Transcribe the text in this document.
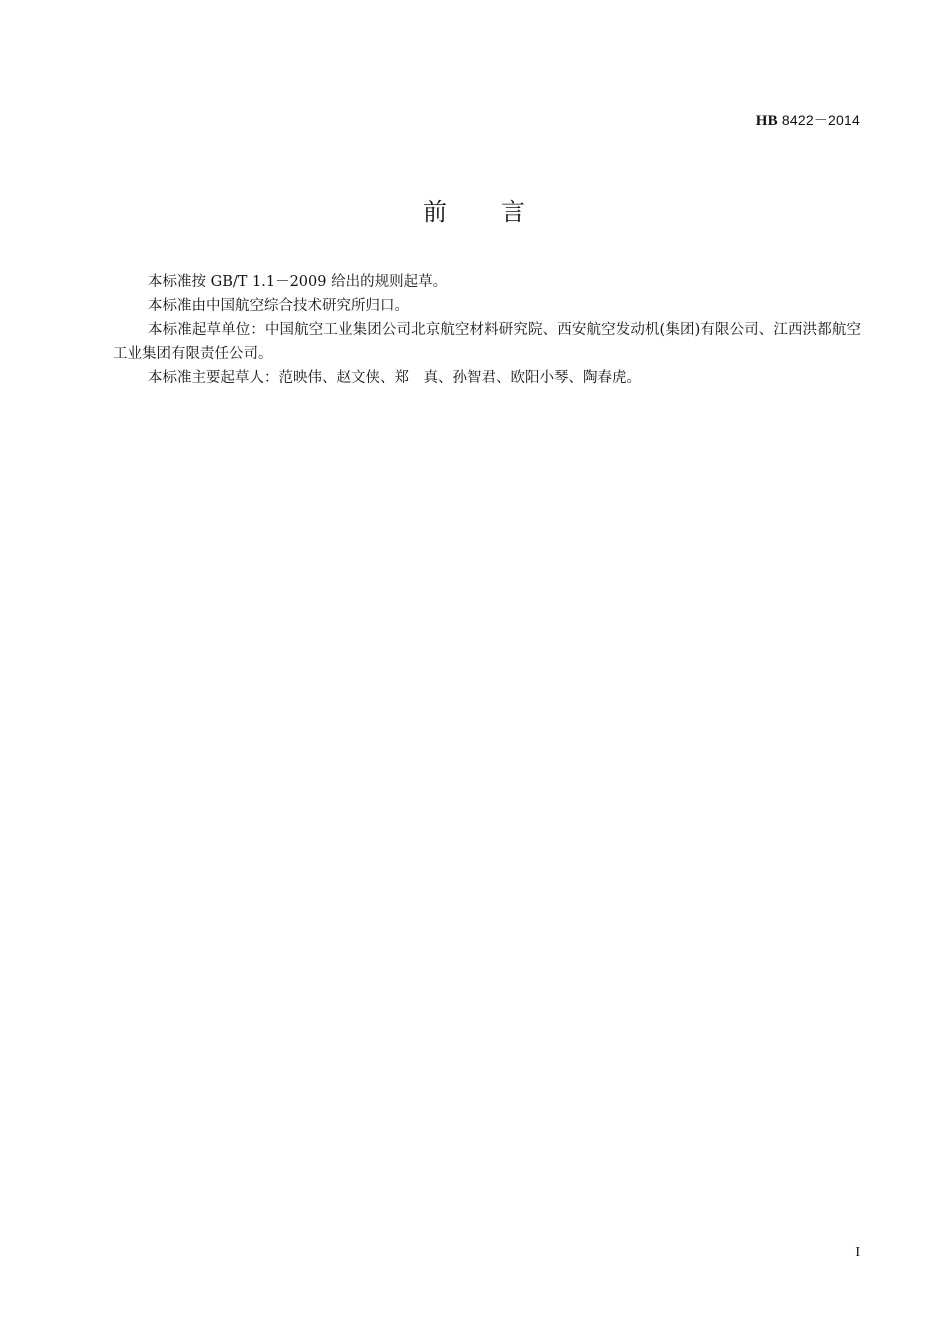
HB 8422－2014
前　　言

本标准按 GB/T 1.1－2009 给出的规则起草。

本标准由中国航空综合技术研究所归口。

本标准起草单位：中国航空工业集团公司北京航空材料研究院、西安航空发动机(集团)有限公司、江西洪都航空工业集团有限责任公司。

本标准主要起草人：范映伟、赵文侠、郑　真、孙智君、欧阳小琴、陶春虎。

I
